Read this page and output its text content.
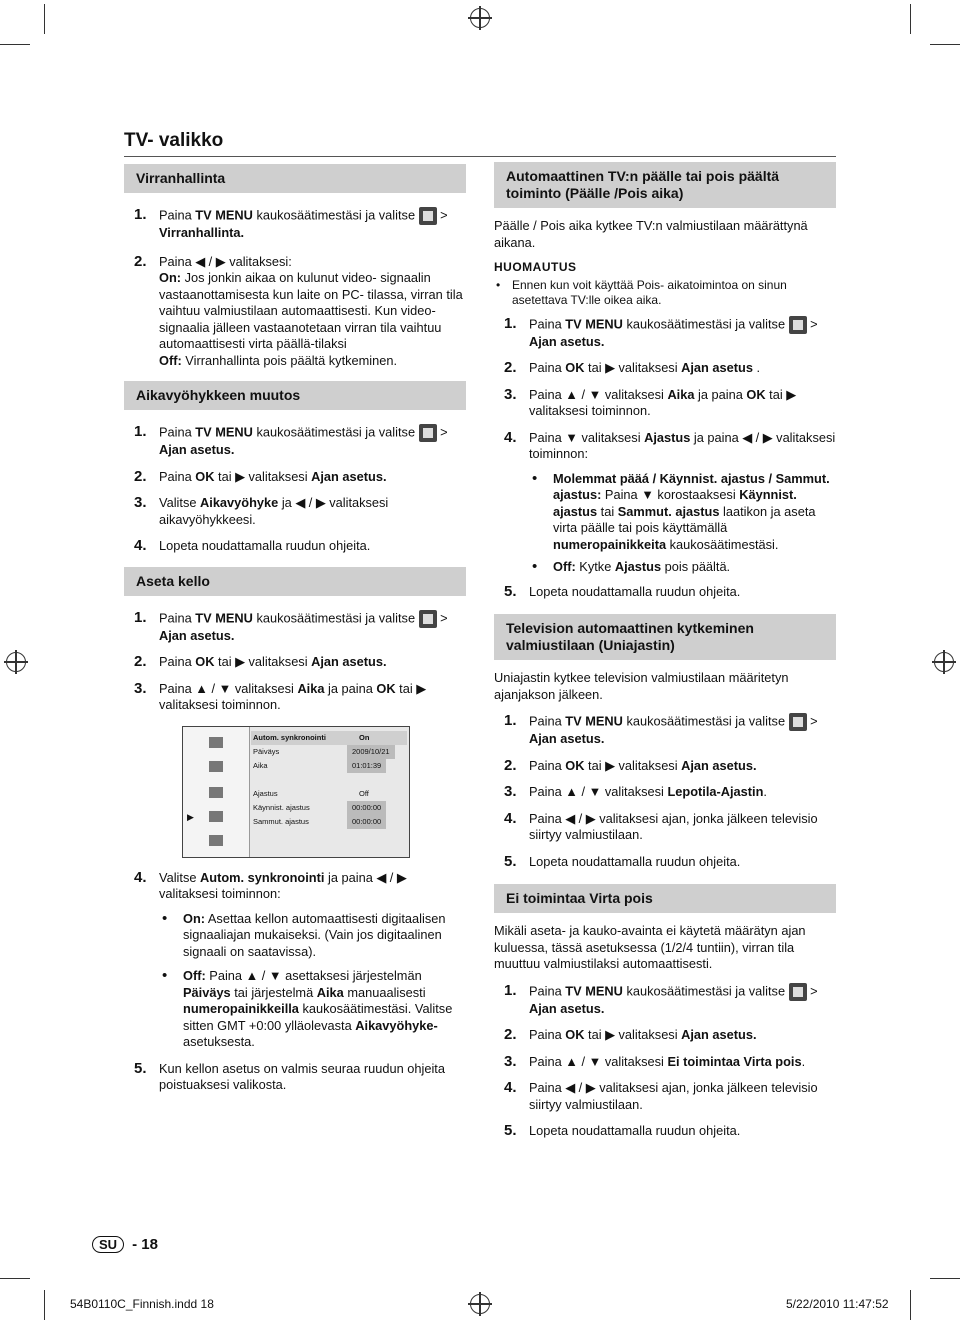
TV- valikko
Virranhallinta
1. Paina TV MENU kaukosäätimestäsi ja valitse  >
Virranhallinta.
2. Paina ◀ / ▶ valitaksesi:
On: Jos jonkin aikaa on kulunut video- signaalin vastaanottamisesta kun laite on PC- tilassa, virran tila vaihtuu valmiustilaan automaattisesti. Kun video-signaalia jälleen vastaanotetaan virran tila vaihtuu automaattisesti virta päällä-tilaksi
Off: Virranhallinta pois päältä kytkeminen.
Aikavyöhykkeen muutos
1. Paina TV MENU kaukosäätimestäsi ja valitse  >
Ajan asetus.
2. Paina OK tai ▶ valitaksesi Ajan asetus.
3. Valitse Aikavyöhyke ja ◀ / ▶ valitaksesi aikavyöhykkeesi.
4. Lopeta noudattamalla ruudun ohjeita.
Aseta kello
1. Paina TV MENU kaukosäätimestäsi ja valitse  >
Ajan asetus.
2. Paina OK tai ▶ valitaksesi Ajan asetus.
3. Paina ▲ / ▼ valitaksesi Aika ja paina OK tai ▶ valitaksesi toiminnon.
▶
Autom. synkronointi	On
Päiväys	2009/10/21
Aika	01:01:39
Ajastus	Off
Käynnist. ajastus	00:00:00
Sammut. ajastus	00:00:00
4. Valitse Autom. synkronointi ja paina ◀ / ▶ valitaksesi toiminnon:
• On: Asettaa kellon automaattisesti digitaalisen signaaliajan mukaiseksi. (Vain jos digitaalinen signaali on saatavissa).
• Off: Paina ▲ / ▼ asettaksesi järjestelmän Päiväys tai järjestelmä Aika manuaalisesti numeropainikkeilla kaukosäätimestäsi. Valitse sitten GMT +0:00 ylläolevasta Aikavyöhyke-asetuksesta.
5. Kun kellon asetus on valmis seuraa ruudun ohjeita poistuaksesi valikosta.
Automaattinen TV:n päälle tai pois päältä toiminto (Päälle /Pois aika)
Päälle / Pois aika kytkee TV:n valmiustilaan määrättynä aikana.
HUOMAUTUS
• Ennen kun voit käyttää Pois- aikatoimintoa on sinun asetettava TV:lle oikea aika.
1. Paina TV MENU kaukosäätimestäsi ja valitse  >
Ajan asetus.
2. Paina OK tai ▶ valitaksesi Ajan asetus .
3. Paina ▲ / ▼ valitaksesi Aika ja paina OK tai ▶ valitaksesi toiminnon.
4. Paina ▼ valitaksesi Ajastus ja paina ◀ / ▶ valitaksesi toiminnon:
• Molemmat pääá / Käynnist. ajastus / Sammut. ajastus: Paina ▼ korostaaksesi Käynnist. ajastus tai Sammut. ajastus laatikon ja aseta virta päälle tai pois käyttämällä numeropainikkeita kaukosäätimestäsi.
• Off: Kytke Ajastus pois päältä.
5. Lopeta noudattamalla ruudun ohjeita.
Television automaattinen kytkeminen valmiustilaan (Uniajastin)
Uniajastin kytkee television valmiustilaan määritetyn ajanjakson jälkeen.
1. Paina TV MENU kaukosäätimestäsi ja valitse  >
Ajan asetus.
2. Paina OK tai ▶ valitaksesi Ajan asetus.
3. Paina ▲ / ▼ valitaksesi Lepotila-Ajastin.
4. Paina ◀ / ▶ valitaksesi ajan, jonka jälkeen televisio siirtyy valmiustilaan.
5. Lopeta noudattamalla ruudun ohjeita.
Ei toimintaa Virta pois
Mikäli aseta- ja kauko-avainta ei käytetä määrätyn ajan kuluessa, tässä asetuksessa (1/2/4 tuntiin), virran tila muuttuu valmiustilaksi automaattisesti.
1. Paina TV MENU kaukosäätimestäsi ja valitse  >
Ajan asetus.
2. Paina OK tai ▶ valitaksesi Ajan asetus.
3. Paina ▲ / ▼ valitaksesi Ei toimintaa Virta pois.
4. Paina ◀ / ▶ valitaksesi ajan, jonka jälkeen televisio siirtyy valmiustilaan.
5. Lopeta noudattamalla ruudun ohjeita.
SU - 18
54B0110C_Finnish.indd 18	5/22/2010 11:47:52
